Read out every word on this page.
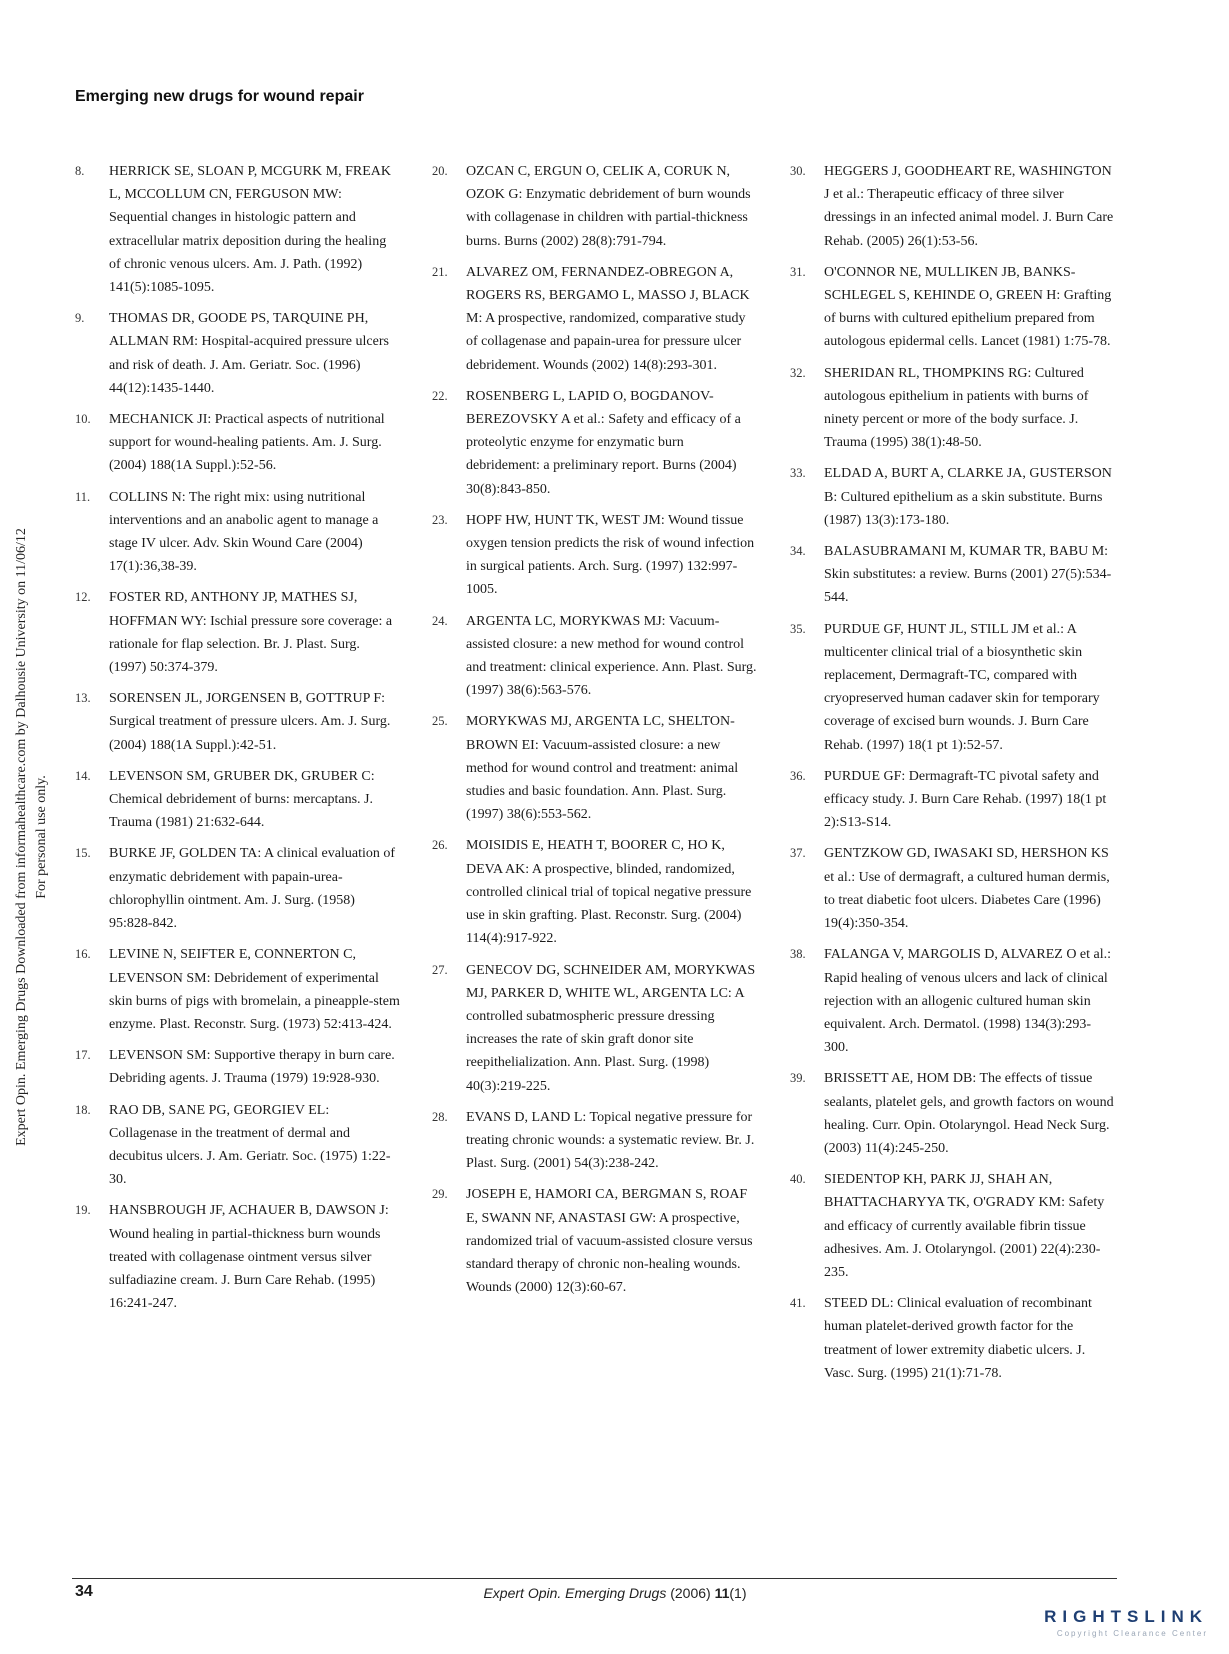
Emerging new drugs for wound repair
Expert Opin. Emerging Drugs Downloaded from informahealthcare.com by Dalhousie University on 11/06/12 For personal use only.
8. HERRICK SE, SLOAN P, MCGURK M, FREAK L, MCCOLLUM CN, FERGUSON MW: Sequential changes in histologic pattern and extracellular matrix deposition during the healing of chronic venous ulcers. Am. J. Path. (1992) 141(5):1085-1095.
9. THOMAS DR, GOODE PS, TARQUINE PH, ALLMAN RM: Hospital-acquired pressure ulcers and risk of death. J. Am. Geriatr. Soc. (1996) 44(12):1435-1440.
10. MECHANICK JI: Practical aspects of nutritional support for wound-healing patients. Am. J. Surg. (2004) 188(1A Suppl.):52-56.
11. COLLINS N: The right mix: using nutritional interventions and an anabolic agent to manage a stage IV ulcer. Adv. Skin Wound Care (2004) 17(1):36,38-39.
12. FOSTER RD, ANTHONY JP, MATHES SJ, HOFFMAN WY: Ischial pressure sore coverage: a rationale for flap selection. Br. J. Plast. Surg. (1997) 50:374-379.
13. SORENSEN JL, JORGENSEN B, GOTTRUP F: Surgical treatment of pressure ulcers. Am. J. Surg. (2004) 188(1A Suppl.):42-51.
14. LEVENSON SM, GRUBER DK, GRUBER C: Chemical debridement of burns: mercaptans. J. Trauma (1981) 21:632-644.
15. BURKE JF, GOLDEN TA: A clinical evaluation of enzymatic debridement with papain-urea-chlorophyllin ointment. Am. J. Surg. (1958) 95:828-842.
16. LEVINE N, SEIFTER E, CONNERTON C, LEVENSON SM: Debridement of experimental skin burns of pigs with bromelain, a pineapple-stem enzyme. Plast. Reconstr. Surg. (1973) 52:413-424.
17. LEVENSON SM: Supportive therapy in burn care. Debriding agents. J. Trauma (1979) 19:928-930.
18. RAO DB, SANE PG, GEORGIEV EL: Collagenase in the treatment of dermal and decubitus ulcers. J. Am. Geriatr. Soc. (1975) 1:22-30.
19. HANSBROUGH JF, ACHAUER B, DAWSON J: Wound healing in partial-thickness burn wounds treated with collagenase ointment versus silver sulfadiazine cream. J. Burn Care Rehab. (1995) 16:241-247.
20. OZCAN C, ERGUN O, CELIK A, CORUK N, OZOK G: Enzymatic debridement of burn wounds with collagenase in children with partial-thickness burns. Burns (2002) 28(8):791-794.
21. ALVAREZ OM, FERNANDEZ-OBREGON A, ROGERS RS, BERGAMO L, MASSO J, BLACK M: A prospective, randomized, comparative study of collagenase and papain-urea for pressure ulcer debridement. Wounds (2002) 14(8):293-301.
22. ROSENBERG L, LAPID O, BOGDANOV-BEREZOVSKY A et al.: Safety and efficacy of a proteolytic enzyme for enzymatic burn debridement: a preliminary report. Burns (2004) 30(8):843-850.
23. HOPF HW, HUNT TK, WEST JM: Wound tissue oxygen tension predicts the risk of wound infection in surgical patients. Arch. Surg. (1997) 132:997-1005.
24. ARGENTA LC, MORYKWAS MJ: Vacuum-assisted closure: a new method for wound control and treatment: clinical experience. Ann. Plast. Surg. (1997) 38(6):563-576.
25. MORYKWAS MJ, ARGENTA LC, SHELTON-BROWN EI: Vacuum-assisted closure: a new method for wound control and treatment: animal studies and basic foundation. Ann. Plast. Surg. (1997) 38(6):553-562.
26. MOISIDIS E, HEATH T, BOORER C, HO K, DEVA AK: A prospective, blinded, randomized, controlled clinical trial of topical negative pressure use in skin grafting. Plast. Reconstr. Surg. (2004) 114(4):917-922.
27. GENECOV DG, SCHNEIDER AM, MORYKWAS MJ, PARKER D, WHITE WL, ARGENTA LC: A controlled subatmospheric pressure dressing increases the rate of skin graft donor site reepithelialization. Ann. Plast. Surg. (1998) 40(3):219-225.
28. EVANS D, LAND L: Topical negative pressure for treating chronic wounds: a systematic review. Br. J. Plast. Surg. (2001) 54(3):238-242.
29. JOSEPH E, HAMORI CA, BERGMAN S, ROAF E, SWANN NF, ANASTASI GW: A prospective, randomized trial of vacuum-assisted closure versus standard therapy of chronic non-healing wounds. Wounds (2000) 12(3):60-67.
30. HEGGERS J, GOODHEART RE, WASHINGTON J et al.: Therapeutic efficacy of three silver dressings in an infected animal model. J. Burn Care Rehab. (2005) 26(1):53-56.
31. O'CONNOR NE, MULLIKEN JB, BANKS-SCHLEGEL S, KEHINDE O, GREEN H: Grafting of burns with cultured epithelium prepared from autologous epidermal cells. Lancet (1981) 1:75-78.
32. SHERIDAN RL, THOMPKINS RG: Cultured autologous epithelium in patients with burns of ninety percent or more of the body surface. J. Trauma (1995) 38(1):48-50.
33. ELDAD A, BURT A, CLARKE JA, GUSTERSON B: Cultured epithelium as a skin substitute. Burns (1987) 13(3):173-180.
34. BALASUBRAMANI M, KUMAR TR, BABU M: Skin substitutes: a review. Burns (2001) 27(5):534-544.
35. PURDUE GF, HUNT JL, STILL JM et al.: A multicenter clinical trial of a biosynthetic skin replacement, Dermagraft-TC, compared with cryopreserved human cadaver skin for temporary coverage of excised burn wounds. J. Burn Care Rehab. (1997) 18(1 pt 1):52-57.
36. PURDUE GF: Dermagraft-TC pivotal safety and efficacy study. J. Burn Care Rehab. (1997) 18(1 pt 2):S13-S14.
37. GENTZKOW GD, IWASAKI SD, HERSHON KS et al.: Use of dermagraft, a cultured human dermis, to treat diabetic foot ulcers. Diabetes Care (1996) 19(4):350-354.
38. FALANGA V, MARGOLIS D, ALVAREZ O et al.: Rapid healing of venous ulcers and lack of clinical rejection with an allogenic cultured human skin equivalent. Arch. Dermatol. (1998) 134(3):293-300.
39. BRISSETT AE, HOM DB: The effects of tissue sealants, platelet gels, and growth factors on wound healing. Curr. Opin. Otolaryngol. Head Neck Surg. (2003) 11(4):245-250.
40. SIEDENTOP KH, PARK JJ, SHAH AN, BHATTACHARYYA TK, O'GRADY KM: Safety and efficacy of currently available fibrin tissue adhesives. Am. J. Otolaryngol. (2001) 22(4):230-235.
41. STEED DL: Clinical evaluation of recombinant human platelet-derived growth factor for the treatment of lower extremity diabetic ulcers. J. Vasc. Surg. (1995) 21(1):71-78.
34	Expert Opin. Emerging Drugs (2006) 11(1)
RIGHTSLINK
Copyright Clearance Center
